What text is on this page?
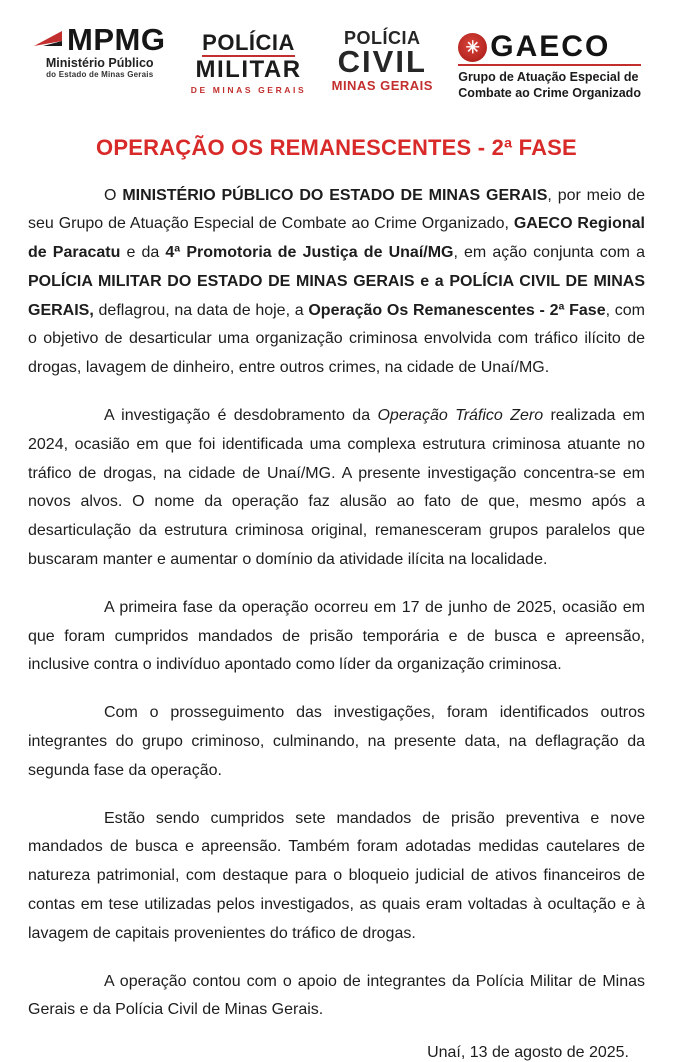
MPMG
Ministério Público
do Estado de Minas Gerais
POLÍCIA
MILITAR
DE MINAS GERAIS
POLÍCIA
CIVIL
MINAS GERAIS
✳ GAECO
Grupo de Atuação Especial de
Combate ao Crime Organizado
OPERAÇÃO OS REMANESCENTES - 2ª FASE

O MINISTÉRIO PÚBLICO DO ESTADO DE MINAS GERAIS, por meio de seu Grupo de Atuação Especial de Combate ao Crime Organizado, GAECO Regional de Paracatu e da 4ª Promotoria de Justiça de Unaí/MG, em ação conjunta com a POLÍCIA MILITAR DO ESTADO DE MINAS GERAIS e a POLÍCIA CIVIL DE MINAS GERAIS, deflagrou, na data de hoje, a Operação Os Remanescentes - 2ª Fase, com o objetivo de desarticular uma organização criminosa envolvida com tráfico ilícito de drogas, lavagem de dinheiro, entre outros crimes, na cidade de Unaí/MG.

A investigação é desdobramento da Operação Tráfico Zero realizada em 2024, ocasião em que foi identificada uma complexa estrutura criminosa atuante no tráfico de drogas, na cidade de Unaí/MG. A presente investigação concentra-se em novos alvos. O nome da operação faz alusão ao fato de que, mesmo após a desarticulação da estrutura criminosa original, remanesceram grupos paralelos que buscaram manter e aumentar o domínio da atividade ilícita na localidade.

A primeira fase da operação ocorreu em 17 de junho de 2025, ocasião em que foram cumpridos mandados de prisão temporária e de busca e apreensão, inclusive contra o indivíduo apontado como líder da organização criminosa.

Com o prosseguimento das investigações, foram identificados outros integrantes do grupo criminoso, culminando, na presente data, na deflagração da segunda fase da operação.

Estão sendo cumpridos sete mandados de prisão preventiva e nove mandados de busca e apreensão. Também foram adotadas medidas cautelares de natureza patrimonial, com destaque para o bloqueio judicial de ativos financeiros de contas em tese utilizadas pelos investigados, as quais eram voltadas à ocultação e à lavagem de capitais provenientes do tráfico de drogas.

A operação contou com o apoio de integrantes da Polícia Militar de Minas Gerais e da Polícia Civil de Minas Gerais.

Unaí, 13 de agosto de 2025.
